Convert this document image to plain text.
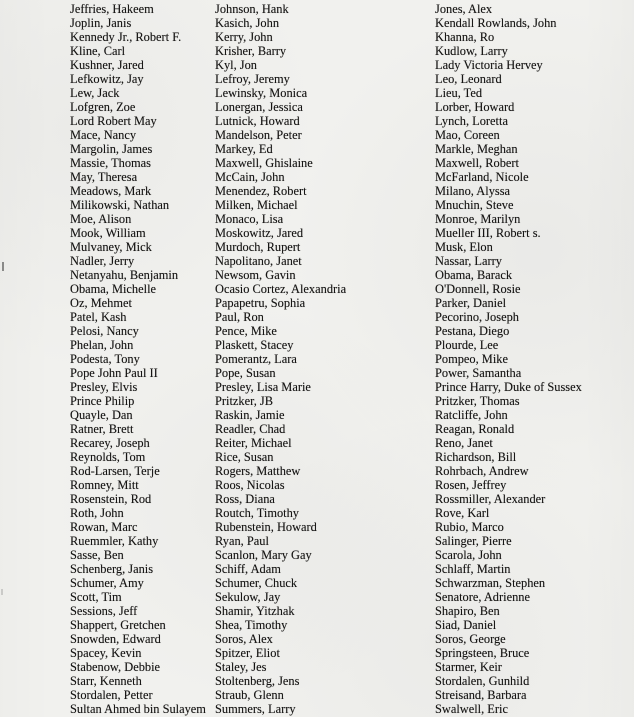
Jeffries, Hakeem
Joplin, Janis
Kennedy Jr., Robert F.
Kline, Carl
Kushner, Jared
Lefkowitz, Jay
Lew, Jack
Lofgren, Zoe
Lord Robert May
Mace, Nancy
Margolin, James
Massie, Thomas
May, Theresa
Meadows, Mark
Milikowski, Nathan
Moe, Alison
Mook, William
Mulvaney, Mick
Nadler, Jerry
Netanyahu, Benjamin
Obama, Michelle
Oz, Mehmet
Patel, Kash
Pelosi, Nancy
Phelan, John
Podesta, Tony
Pope John Paul II
Presley, Elvis
Prince Philip
Quayle, Dan
Ratner, Brett
Recarey, Joseph
Reynolds, Tom
Rod-Larsen, Terje
Romney, Mitt
Rosenstein, Rod
Roth, John
Rowan, Marc
Ruemmler, Kathy
Sasse, Ben
Schenberg, Janis
Schumer, Amy
Scott, Tim
Sessions, Jeff
Shappert, Gretchen
Snowden, Edward
Spacey, Kevin
Stabenow, Debbie
Starr, Kenneth
Stordalen, Petter
Sultan Ahmed bin Sulayem
Johnson, Hank
Kasich, John
Kerry, John
Krisher, Barry
Kyl, Jon
Lefroy, Jeremy
Lewinsky, Monica
Lonergan, Jessica
Lutnick, Howard
Mandelson, Peter
Markey, Ed
Maxwell, Ghislaine
McCain, John
Menendez, Robert
Milken, Michael
Monaco, Lisa
Moskowitz, Jared
Murdoch, Rupert
Napolitano, Janet
Newsom, Gavin
Ocasio Cortez, Alexandria
Papapetru, Sophia
Paul, Ron
Pence, Mike
Plaskett, Stacey
Pomerantz, Lara
Pope, Susan
Presley, Lisa Marie
Pritzker, JB
Raskin, Jamie
Readler, Chad
Reiter, Michael
Rice, Susan
Rogers, Matthew
Roos, Nicolas
Ross, Diana
Routch, Timothy
Rubenstein, Howard
Ryan, Paul
Scanlon, Mary Gay
Schiff, Adam
Schumer, Chuck
Sekulow, Jay
Shamir, Yitzhak
Shea, Timothy
Soros, Alex
Spitzer, Eliot
Staley, Jes
Stoltenberg, Jens
Straub, Glenn
Summers, Larry
Jones, Alex
Kendall Rowlands, John
Khanna, Ro
Kudlow, Larry
Lady Victoria Hervey
Leo, Leonard
Lieu, Ted
Lorber, Howard
Lynch, Loretta
Mao, Coreen
Markle, Meghan
Maxwell, Robert
McFarland, Nicole
Milano, Alyssa
Mnuchin, Steve
Monroe, Marilyn
Mueller III, Robert s.
Musk, Elon
Nassar, Larry
Obama, Barack
O'Donnell, Rosie
Parker, Daniel
Pecorino, Joseph
Pestana, Diego
Plourde, Lee
Pompeo, Mike
Power, Samantha
Prince Harry, Duke of Sussex
Pritzker, Thomas
Ratcliffe, John
Reagan, Ronald
Reno, Janet
Richardson, Bill
Rohrbach, Andrew
Rosen, Jeffrey
Rossmiller, Alexander
Rove, Karl
Rubio, Marco
Salinger, Pierre
Scarola, John
Schlaff, Martin
Schwarzman, Stephen
Senatore, Adrienne
Shapiro, Ben
Siad, Daniel
Soros, George
Springsteen, Bruce
Starmer, Keir
Stordalen, Gunhild
Streisand, Barbara
Swalwell, Eric
